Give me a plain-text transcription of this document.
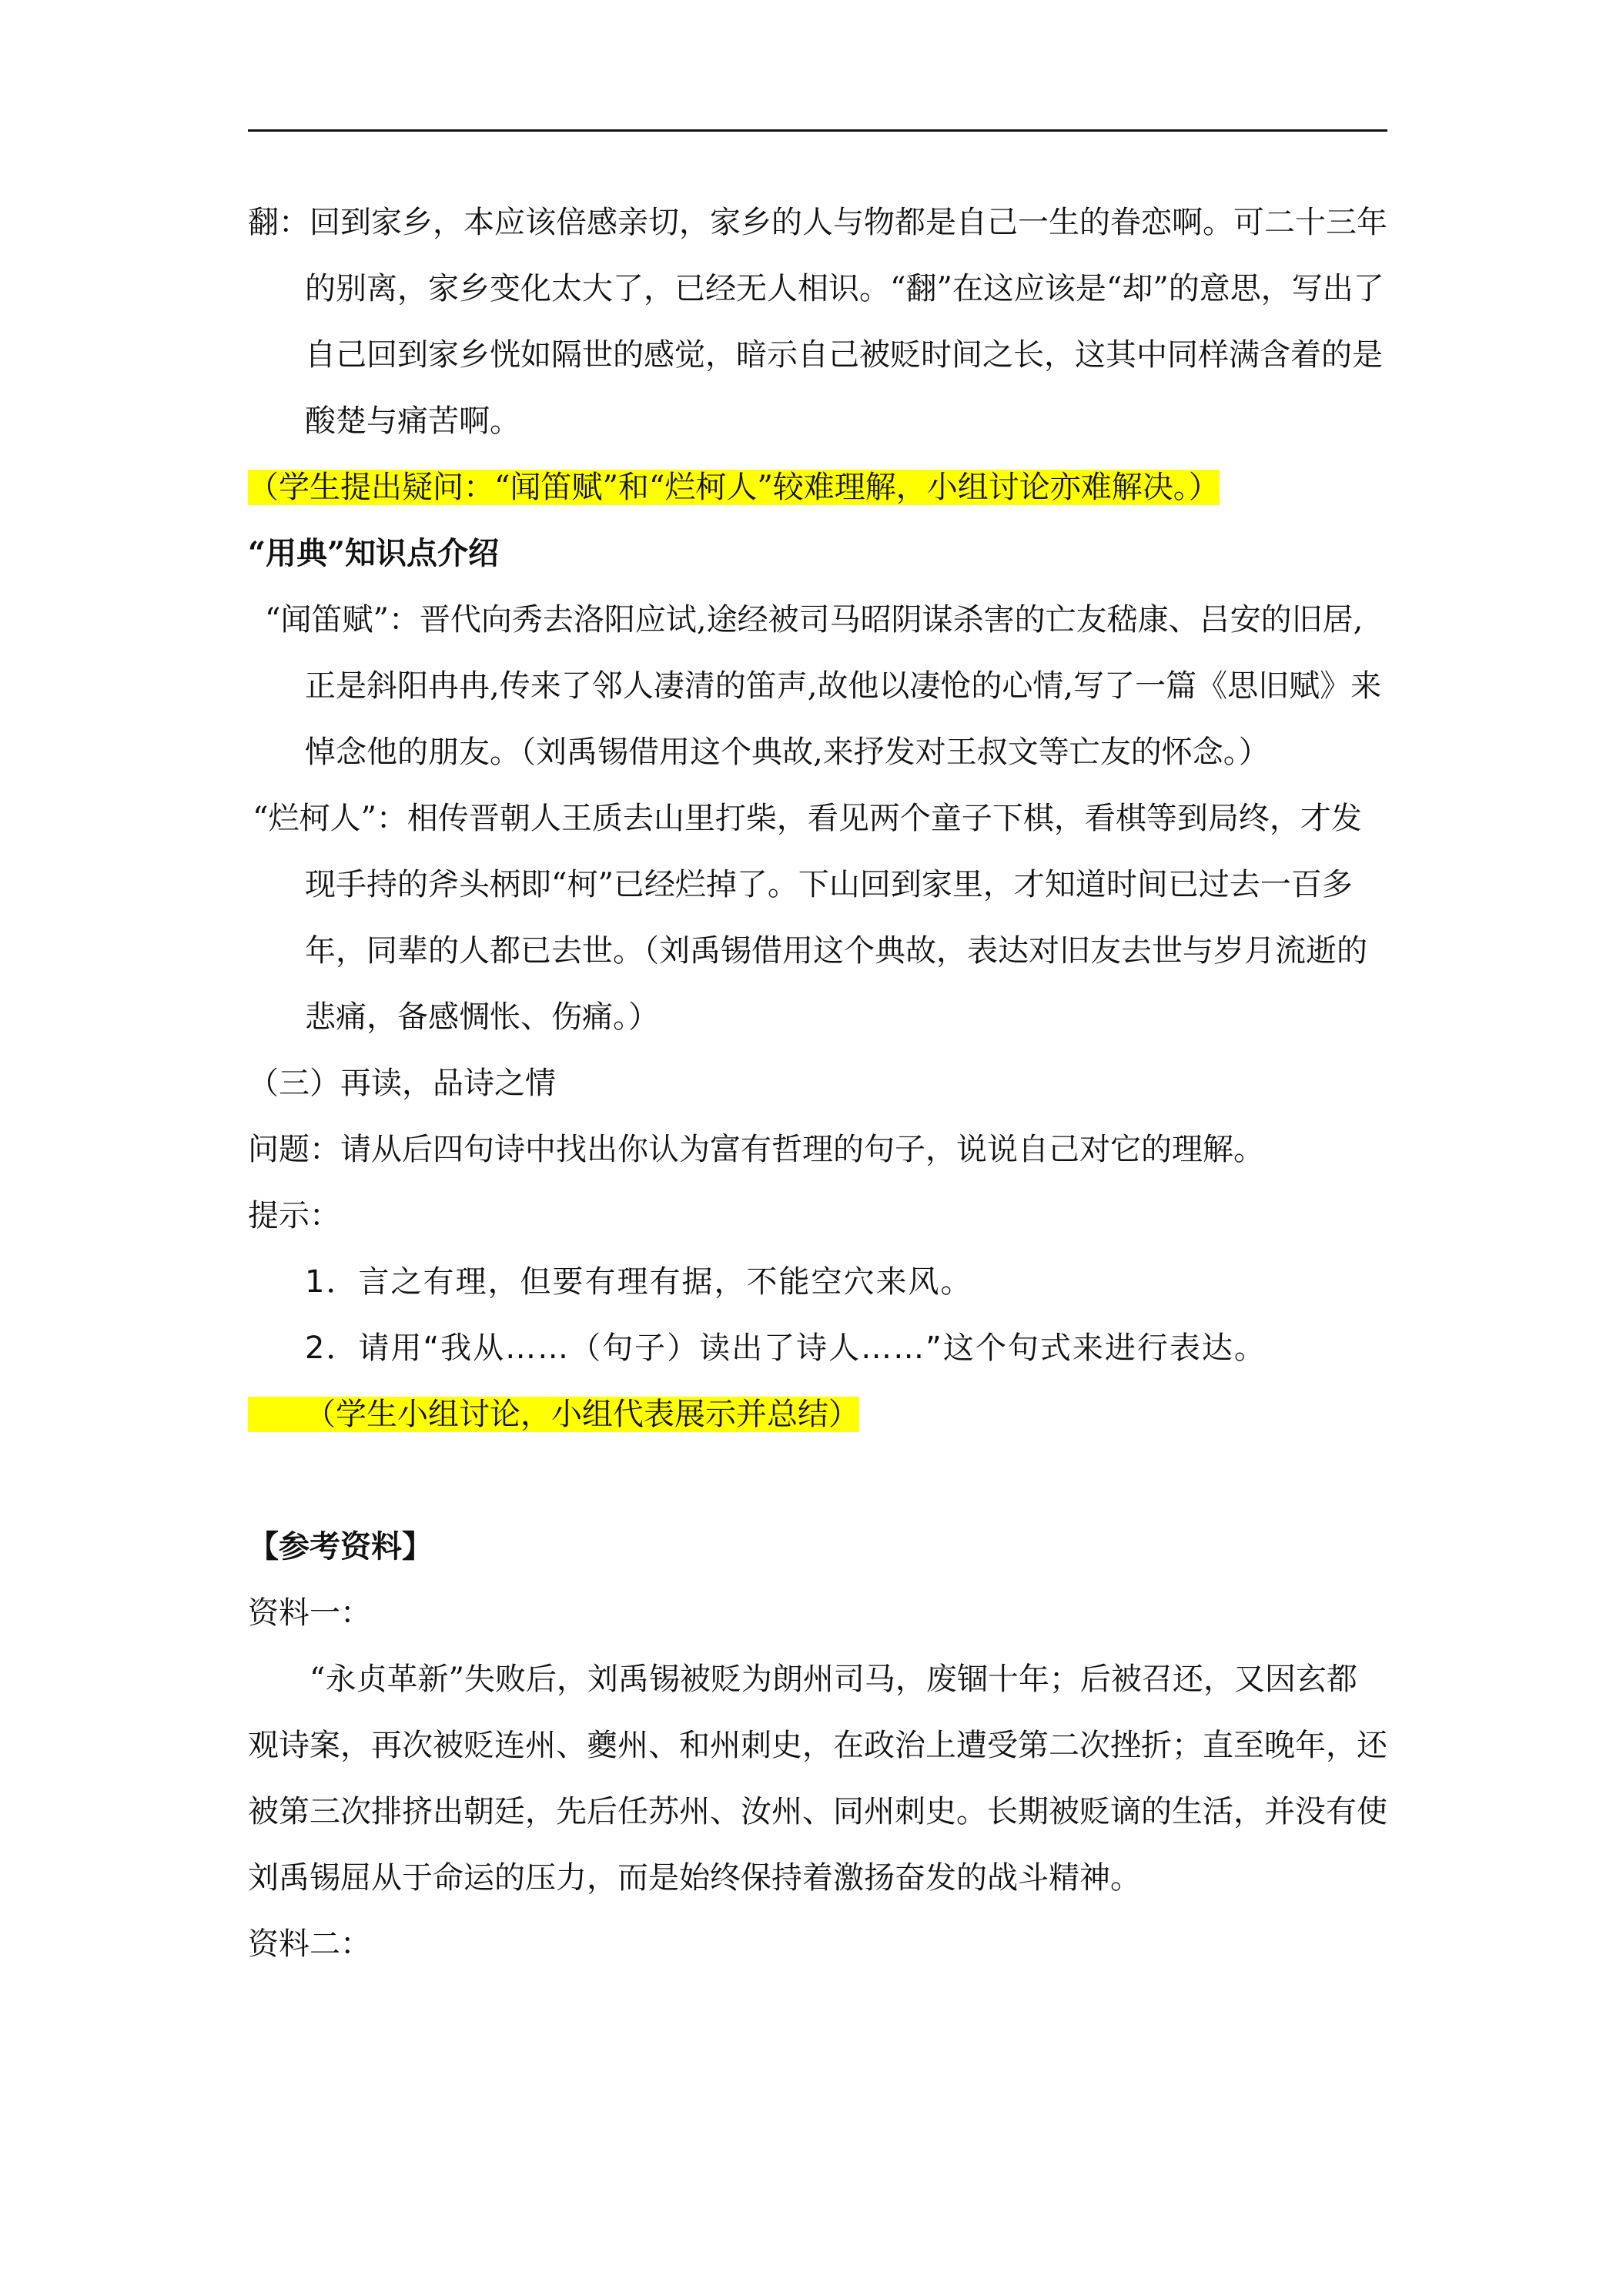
翻：回到家乡，本应该倍感亲切，家乡的人与物都是自己一生的眷恋啊。可二十三年的别离，家乡变化太大了，已经无人相识。“翻”在这应该是“却”的意思，写出了自己回到家乡恍如隔世的感觉，暗示自己被贬时间之长，这其中同样满含着的是酸楚与痛苦啊。

（学生提出疑问：“闻笛赋”和“烂柯人”较难理解，小组讨论亦难解决。）

“用典”知识点介绍

“闻笛赋”：晋代向秀去洛阳应试,途经被司马昭阴谋杀害的亡友嵇康、吕安的旧居,正是斜阳冉冉,传来了邻人凄清的笛声,故他以凄怆的心情,写了一篇《思旧赋》来悼念他的朋友。（刘禹锡借用这个典故,来抒发对王叔文等亡友的怀念。）

“烂柯人”：相传晋朝人王质去山里打柴，看见两个童子下棋，看棋等到局终，才发现手持的斧头柄即“柯”已经烂掉了。下山回到家里，才知道时间已过去一百多年，同辈的人都已去世。（刘禹锡借用这个典故，表达对旧友去世与岁月流逝的悲痛，备感惆怅、伤痛。）

（三）再读，品诗之情

问题：请从后四句诗中找出你认为富有哲理的句子，说说自己对它的理解。

提示：

1．言之有理，但要有理有据，不能空穴来风。

2．请用“我从……（句子）读出了诗人……”这个句式来进行表达。

（学生小组讨论，小组代表展示并总结）

【参考资料】

资料一：

“永贞革新”失败后，刘禹锡被贬为朗州司马，废锢十年；后被召还，又因玄都观诗案，再次被贬连州、夔州、和州刺史，在政治上遭受第二次挫折；直至晚年，还被第三次排挤出朝廷，先后任苏州、汝州、同州刺史。长期被贬谪的生活，并没有使刘禹锡屈从于命运的压力，而是始终保持着激扬奋发的战斗精神。

资料二：
